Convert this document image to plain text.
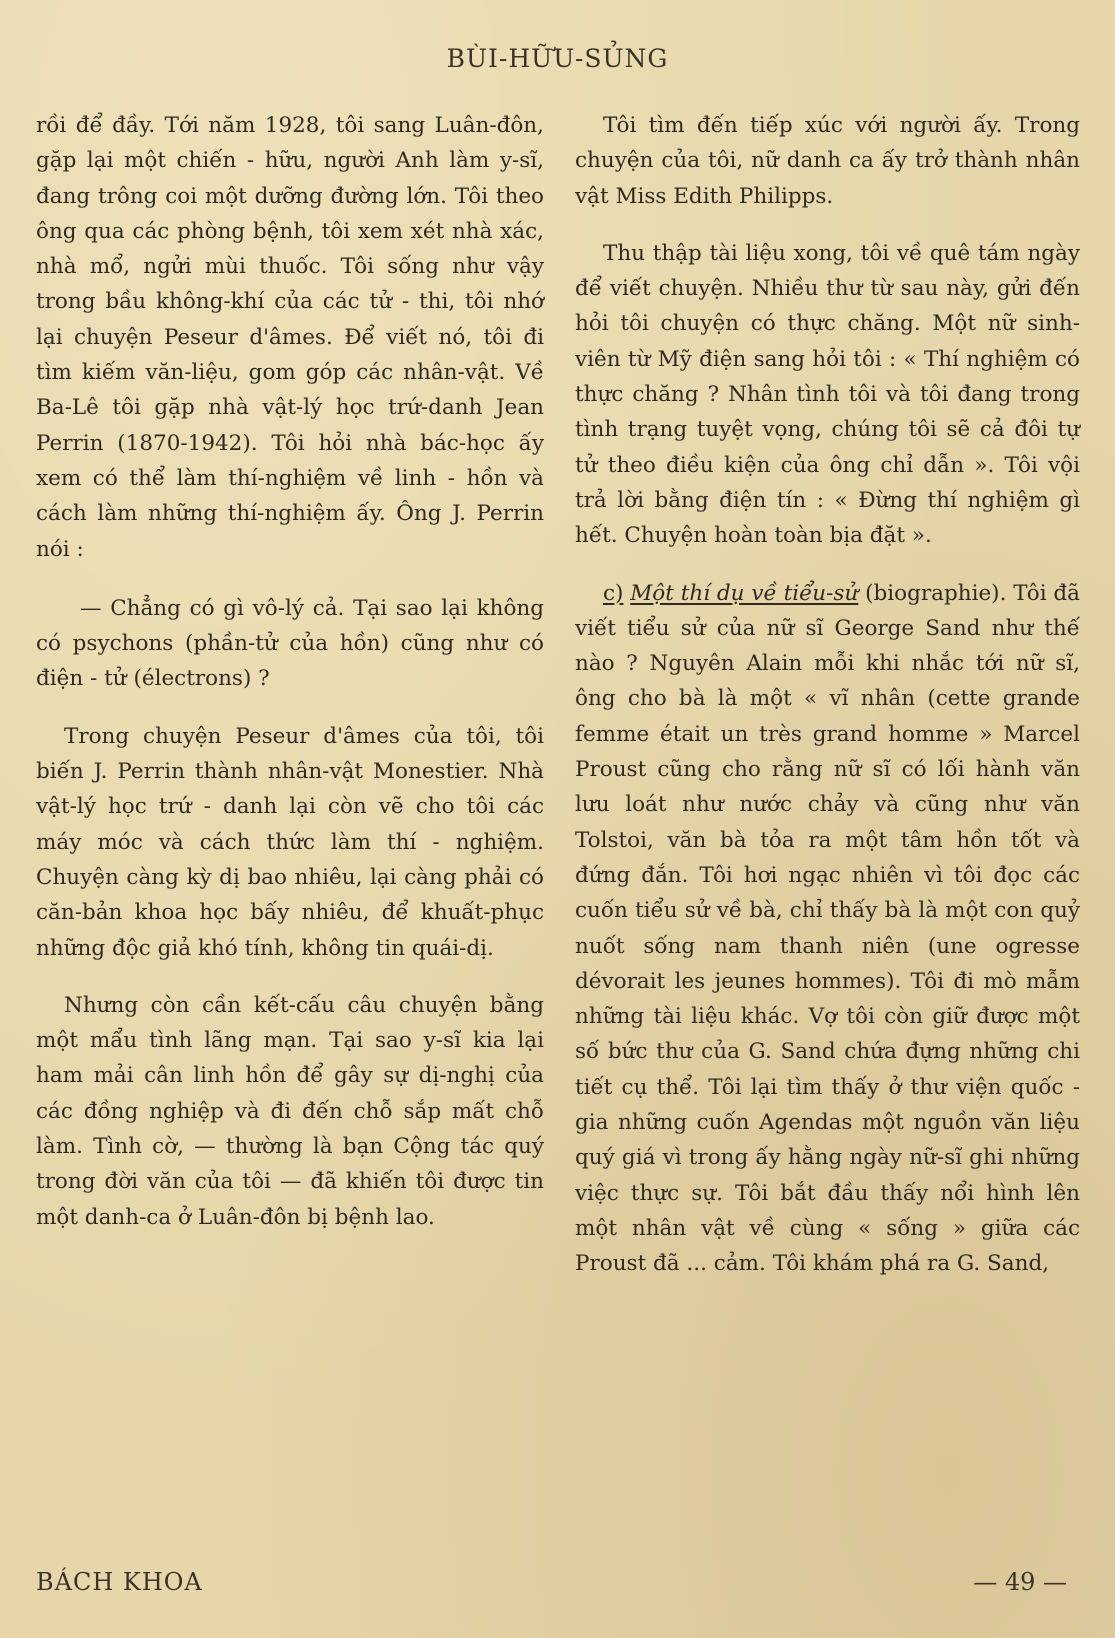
BÙI-HỮU-SỦNG

rồi để đầy. Tới năm 1928, tôi sang Luân-đôn, gặp lại một chiến - hữu, người Anh làm y-sĩ, đang trông coi một dưỡng đường lớn. Tôi theo ông qua các phòng bệnh, tôi xem xét nhà xác, nhà mổ, ngửi mùi thuốc. Tôi sống như vậy trong bầu không-khí của các tử - thi, tôi nhớ lại chuyện Peseur d'âmes. Để viết nó, tôi đi tìm kiếm văn-liệu, gom góp các nhân-vật. Về Ba-Lê tôi gặp nhà vật-lý học trứ-danh Jean Perrin (1870-1942). Tôi hỏi nhà bác-học ấy xem có thể làm thí-nghiệm về linh - hồn và cách làm những thí-nghiệm ấy. Ông J. Perrin nói :

— Chẳng có gì vô-lý cả. Tại sao lại không có psychons (phần-tử của hồn) cũng như có điện - tử (électrons) ?

Trong chuyện Peseur d'âmes của tôi, tôi biến J. Perrin thành nhân-vật Monestier. Nhà vật-lý học trứ - danh lại còn vẽ cho tôi các máy móc và cách thức làm thí - nghiệm. Chuyện càng kỳ dị bao nhiêu, lại càng phải có căn-bản khoa học bấy nhiêu, để khuất-phục những độc giả khó tính, không tin quái-dị.

Nhưng còn cần kết-cấu câu chuyện bằng một mẩu tình lãng mạn. Tại sao y-sĩ kia lại ham mải cân linh hồn để gây sự dị-nghị của các đồng nghiệp và đi đến chỗ sắp mất chỗ làm. Tình cờ, — thường là bạn Cộng tác quý trong đời văn của tôi — đã khiến tôi được tin một danh-ca ở Luân-đôn bị bệnh lao.

Tôi tìm đến tiếp xúc với người ấy. Trong chuyện của tôi, nữ danh ca ấy trở thành nhân vật Miss Edith Philipps.

Thu thập tài liệu xong, tôi về quê tám ngày để viết chuyện. Nhiều thư từ sau này, gửi đến hỏi tôi chuyện có thực chăng. Một nữ sinh-viên từ Mỹ điện sang hỏi tôi : « Thí nghiệm có thực chăng ? Nhân tình tôi và tôi đang trong tình trạng tuyệt vọng, chúng tôi sẽ cả đôi tự tử theo điều kiện của ông chỉ dẫn ». Tôi vội trả lời bằng điện tín : « Đừng thí nghiệm gì hết. Chuyện hoàn toàn bịa đặt ».

c) Một thí dụ về tiểu-sử (biographie). Tôi đã viết tiểu sử của nữ sĩ George Sand như thế nào ? Nguyên Alain mỗi khi nhắc tới nữ sĩ, ông cho bà là một « vĩ nhân (cette grande femme était un très grand homme » Marcel Proust cũng cho rằng nữ sĩ có lối hành văn lưu loát như nước chảy và cũng như văn Tolstoi, văn bà tỏa ra một tâm hồn tốt và đứng đắn. Tôi hơi ngạc nhiên vì tôi đọc các cuốn tiểu sử về bà, chỉ thấy bà là một con quỷ nuốt sống nam thanh niên (une ogresse dévorait les jeunes hommes). Tôi đi mò mẫm những tài liệu khác. Vợ tôi còn giữ được một số bức thư của G. Sand chứa đựng những chi tiết cụ thể. Tôi lại tìm thấy ở thư viện quốc - gia những cuốn Agendas một nguồn văn liệu quý giá vì trong ấy hằng ngày nữ-sĩ ghi những việc thực sự. Tôi bắt đầu thấy nổi hình lên một nhân vật về cùng « sống » giữa các Proust đã ... cảm. Tôi khám phá ra G. Sand,

BÁCH KHOA	— 49 —
